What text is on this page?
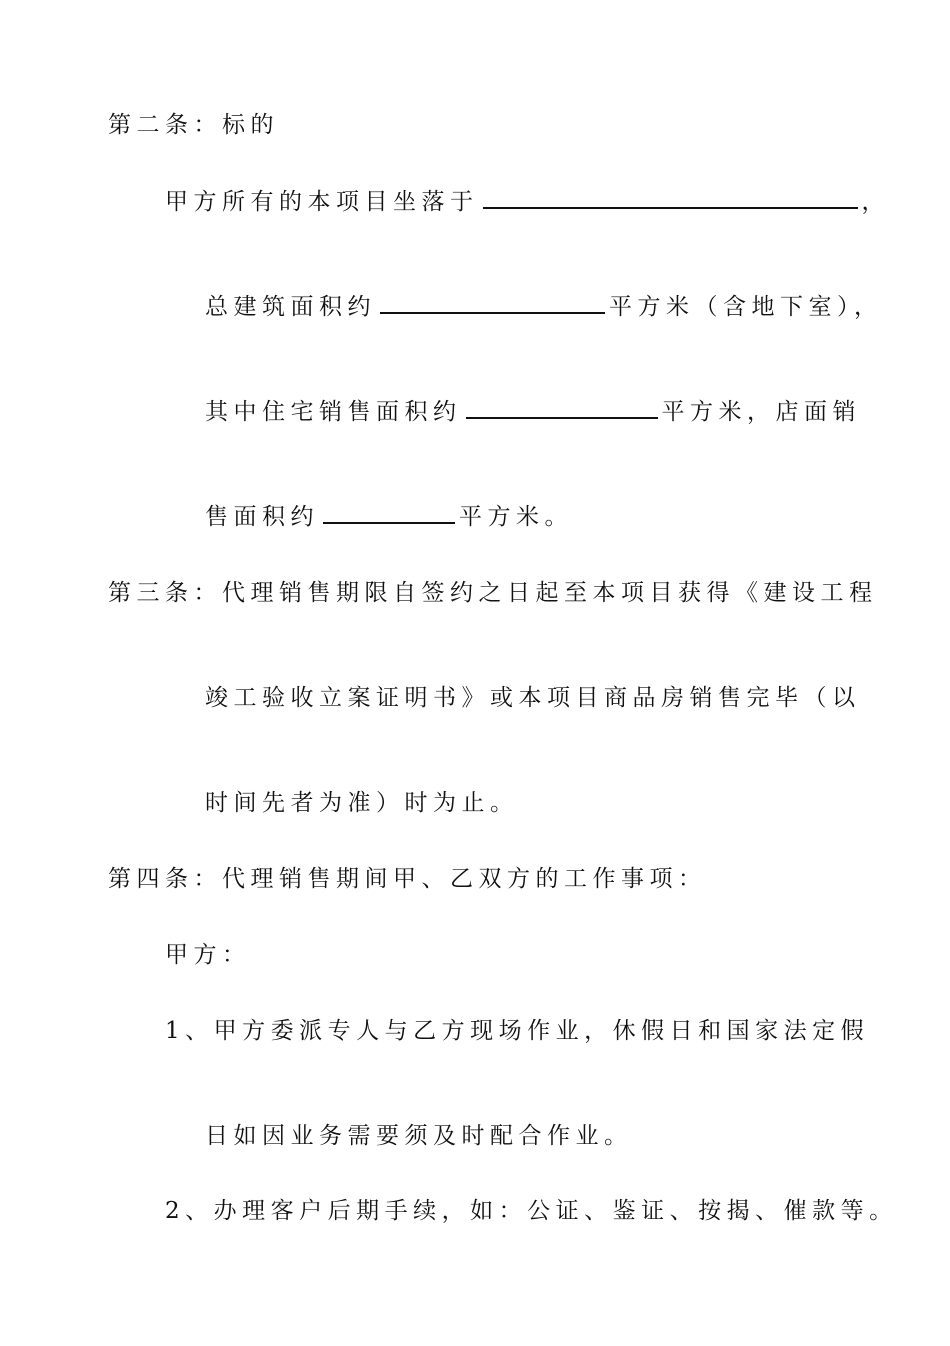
第二条：标的
甲方所有的本项目坐落于	，
总建筑面积约	平方米（含地下室），
其中住宅销售面积约	平方米，店面销
售面积约	平方米。
第三条：代理销售期限自签约之日起至本项目获得《建设工程
竣工验收立案证明书》或本项目商品房销售完毕（以
时间先者为准）时为止。
第四条：代理销售期间甲、乙双方的工作事项：
甲方：
1、甲方委派专人与乙方现场作业，休假日和国家法定假
日如因业务需要须及时配合作业。
2、办理客户后期手续，如：公证、鉴证、按揭、催款等。
